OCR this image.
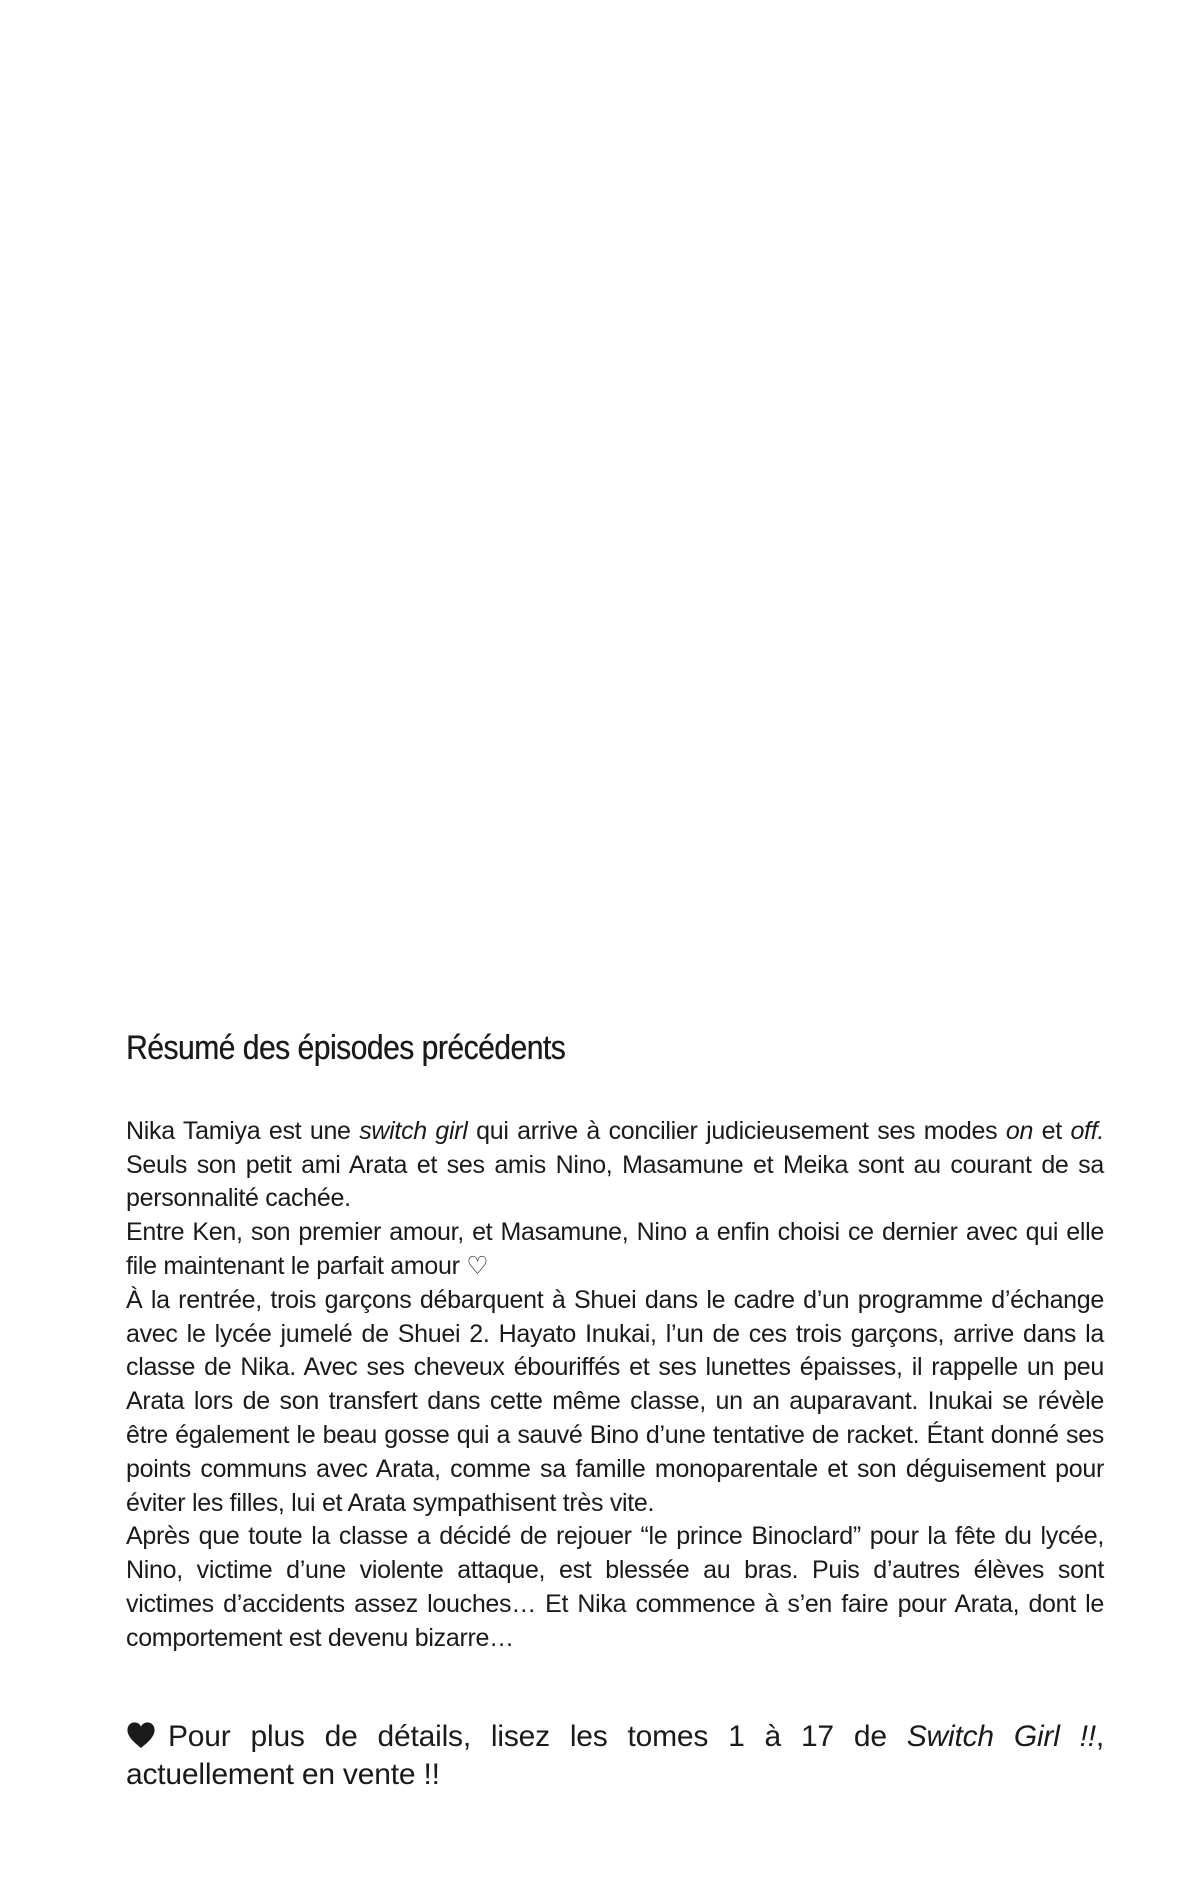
Résumé des épisodes précédents

Nika Tamiya est une switch girl qui arrive à concilier judicieusement ses modes on et off. Seuls son petit ami Arata et ses amis Nino, Masamune et Meika sont au courant de sa personnalité cachée.

Entre Ken, son premier amour, et Masamune, Nino a enfin choisi ce dernier avec qui elle file maintenant le parfait amour ♡

À la rentrée, trois garçons débarquent à Shuei dans le cadre d’un programme d’échange avec le lycée jumelé de Shuei 2. Hayato Inukai, l’un de ces trois garçons, arrive dans la classe de Nika. Avec ses cheveux ébouriffés et ses lunettes épaisses, il rappelle un peu Arata lors de son transfert dans cette même classe, un an auparavant. Inukai se révèle être également le beau gosse qui a sauvé Bino d’une tentative de racket. Étant donné ses points communs avec Arata, comme sa famille monoparentale et son déguisement pour éviter les filles, lui et Arata sympathisent très vite.

Après que toute la classe a décidé de rejouer “le prince Binoclard” pour la fête du lycée, Nino, victime d’une violente attaque, est blessée au bras. Puis d’autres élèves sont victimes d’accidents assez louches… Et Nika commence à s’en faire pour Arata, dont le comportement est devenu bizarre…

Pour plus de détails, lisez les tomes 1 à 17 de Switch Girl !!, actuellement en vente !!
